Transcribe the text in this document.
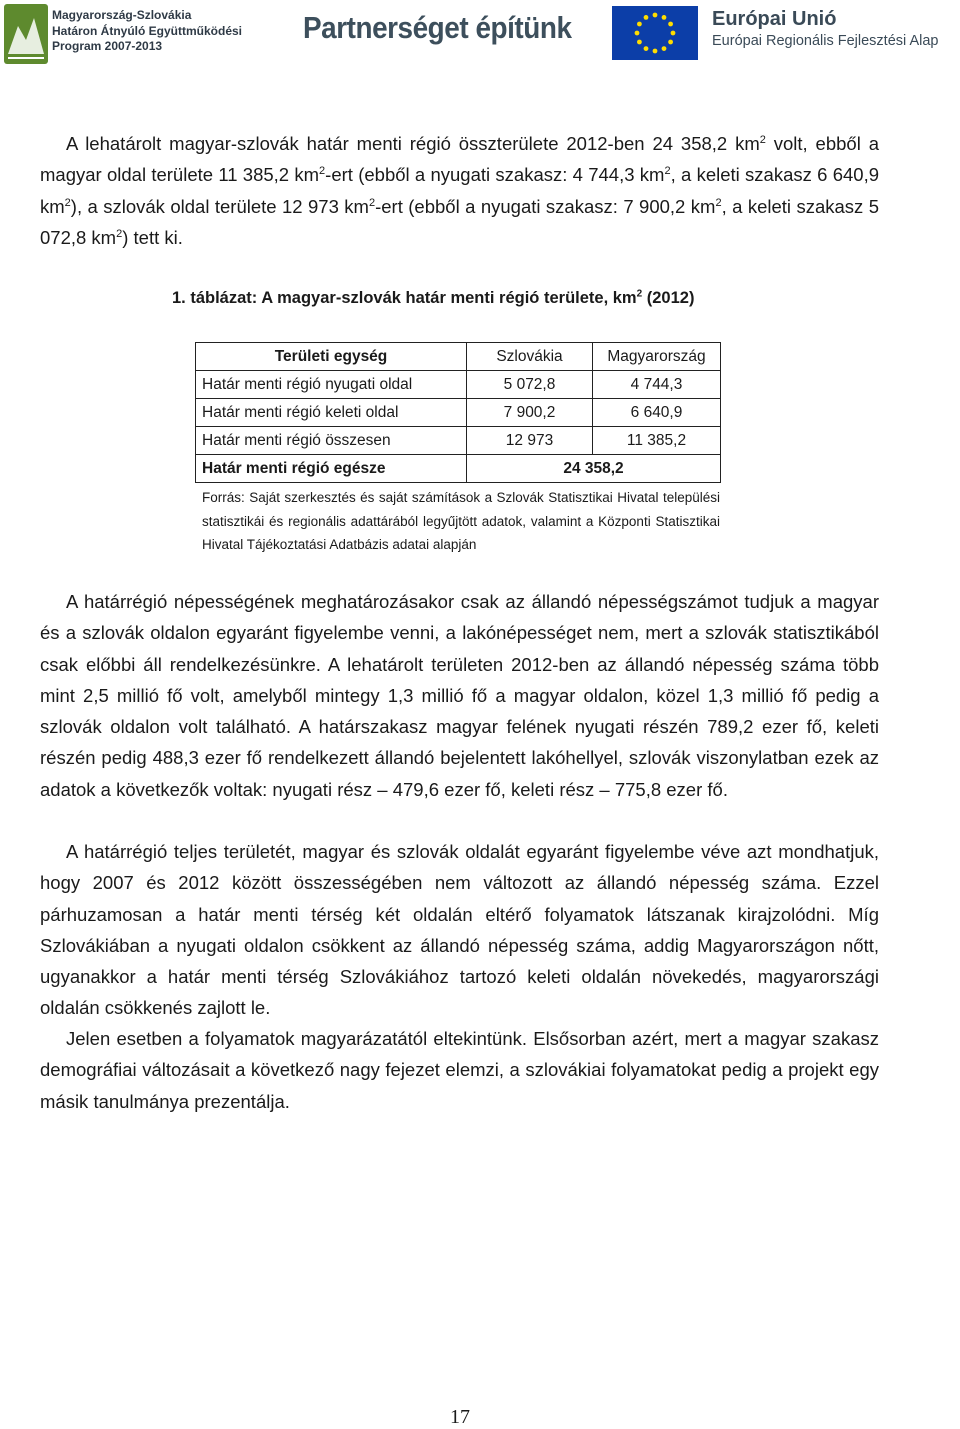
Magyarország-Szlovákia
Határon Átnyúló Együttműködési
Program 2007-2013
Partnerséget építünk	Európai Unió
Európai Regionális Fejlesztési Alap
A lehatárolt magyar-szlovák határ menti régió összterülete 2012-ben 24 358,2 $km^2$ volt, ebből a magyar oldal területe 11 385,2 $km^2$-ert (ebből a nyugati szakasz: 4 744,3 $km^2$, a keleti szakasz 6 640,9 $km^2$), a szlovák oldal területe 12 973 $km^2$-ert (ebből a nyugati szakasz: 7 900,2 $km^2$, a keleti szakasz 5 072,8 $km^2$) tett ki.
1. táblázat: A magyar-szlovák határ menti régió területe, $km^2$ (2012)
Területi egység	Szlovákia	Magyarország
Határ menti régió nyugati oldal	5 072,8	4 744,3
Határ menti régió keleti oldal	7 900,2	6 640,9
Határ menti régió összesen	12 973	11 385,2
Határ menti régió egésze	24 358,2	
Forrás: Saját szerkesztés és saját számítások a Szlovák Statisztikai Hivatal települési statisztikái és regionális adattárából legyűjtött adatok, valamint a Központi Statisztikai Hivatal Tájékoztatási Adatbázis adatai alapján
A határrégió népességének meghatározásakor csak az állandó népességszámot tudjuk a magyar és a szlovák oldalon egyaránt figyelembe venni, a lakónépességet nem, mert a szlovák statisztikából csak előbbi áll rendelkezésünkre. A lehatárolt területen 2012-ben az állandó népesség száma több mint 2,5 millió fő volt, amelyből mintegy 1,3 millió fő a magyar oldalon, közel 1,3 millió fő pedig a szlovák oldalon volt található. A határszakasz magyar felének nyugati részén 789,2 ezer fő, keleti részén pedig 488,3 ezer fő rendelkezett állandó bejelentett lakóhellyel, szlovák viszonylatban ezek az adatok a következők voltak: nyugati rész – 479,6 ezer fő, keleti rész – 775,8 ezer fő.
A határrégió teljes területét, magyar és szlovák oldalát egyaránt figyelembe véve azt mondhatjuk, hogy 2007 és 2012 között összességében nem változott az állandó népesség száma. Ezzel párhuzamosan a határ menti térség két oldalán eltérő folyamatok látszanak kirajzolódni. Míg Szlovákiában a nyugati oldalon csökkent az állandó népesség száma, addig Magyarországon nőtt, ugyanakkor a határ menti térség Szlovákiához tartozó keleti oldalán növekedés, magyarországi oldalán csökkenés zajlott le.
Jelen esetben a folyamatok magyarázatától eltekintünk. Elsősorban azért, mert a magyar szakasz demográfiai változásait a következő nagy fejezet elemzi, a szlovákiai folyamatokat pedig a projekt egy másik tanulmánya prezentálja.
17
